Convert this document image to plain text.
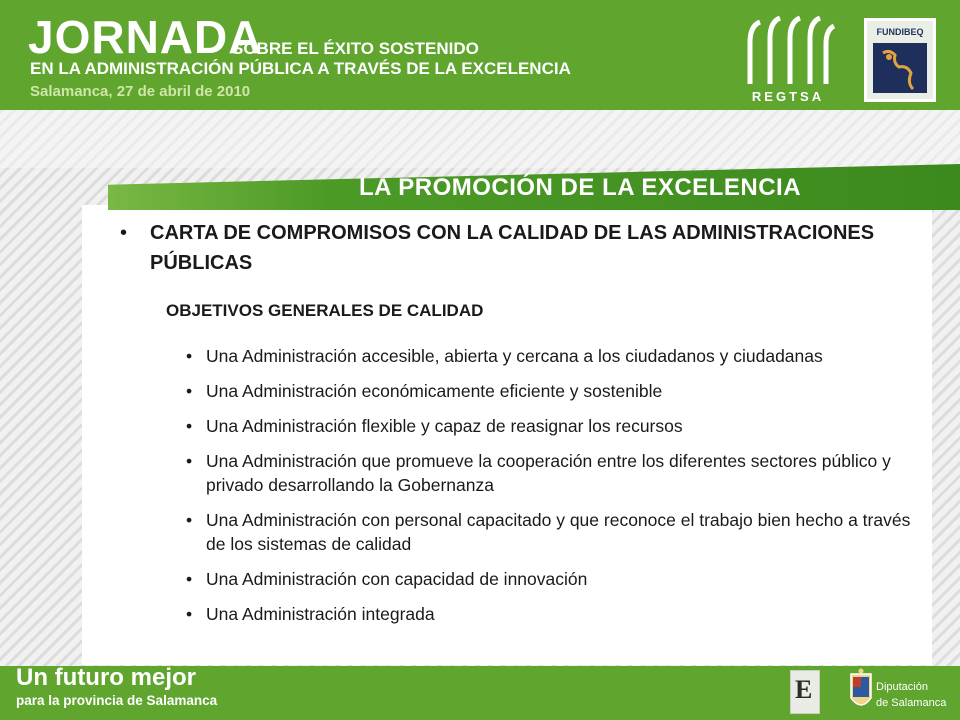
JORNADA
SOBRE EL ÉXITO SOSTENIDO
EN LA ADMINISTRACIÓN PÚBLICA A TRAVÉS DE LA EXCELENCIA
Salamanca, 27 de abril de 2010	REGTSA
FUNDIBEQ
LA PROMOCIÓN DE LA EXCELENCIA
• CARTA DE COMPROMISOS CON LA CALIDAD DE LAS ADMINISTRACIONES PÚBLICAS
OBJETIVOS GENERALES DE CALIDAD
• Una Administración accesible, abierta y cercana a los ciudadanos y ciudadanas
• Una Administración económicamente eficiente y sostenible
• Una Administración flexible y capaz de reasignar los recursos
• Una Administración que promueve la cooperación entre los diferentes sectores público y privado desarrollando la Gobernanza
• Una Administración con personal capacitado y que reconoce el trabajo bien hecho a través de los sistemas de calidad
• Una Administración con capacidad de innovación
• Una Administración integrada
Un futuro mejor
para la provincia de Salamanca	E	Diputación
de Salamanca
